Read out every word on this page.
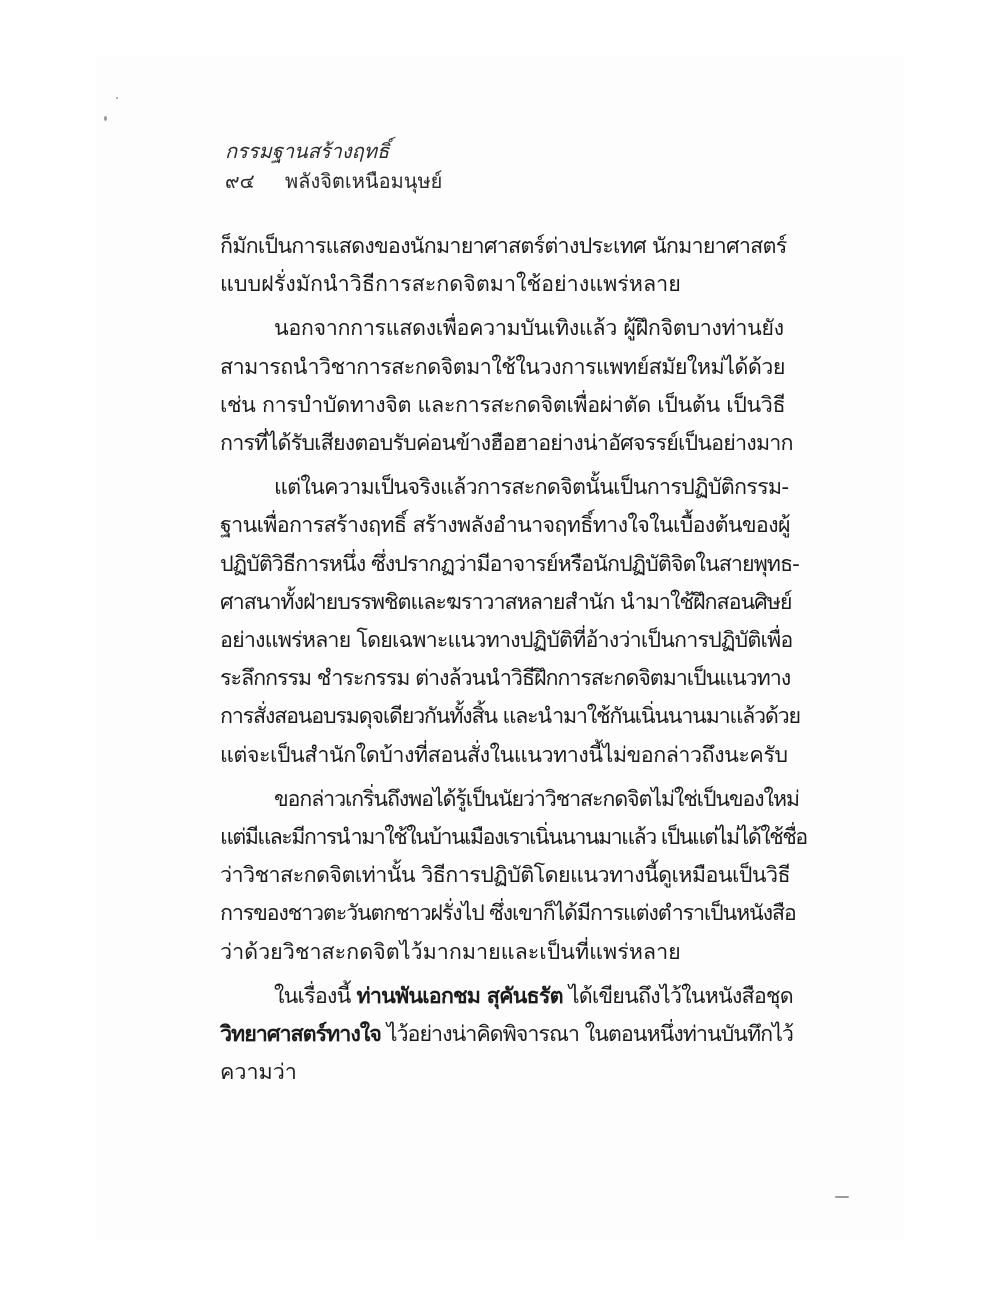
กรรมฐานสร้างฤทธิ์
๙๔ พลังจิตเหนือมนุษย์
ก็มักเป็นการแสดงของนักมายาศาสตร์ต่างประเทศ นักมายาศาสตร์
แบบฝรั่งมักนำวิธีการสะกดจิตมาใช้อย่างแพร่หลาย
นอกจากการแสดงเพื่อความบันเทิงแล้ว ผู้ฝึกจิตบางท่านยัง
สามารถนำวิชาการสะกดจิตมาใช้ในวงการแพทย์สมัยใหม่ได้ด้วย
เช่น การบำบัดทางจิต และการสะกดจิตเพื่อผ่าตัด เป็นต้น เป็นวิธี
การที่ได้รับเสียงตอบรับค่อนข้างฮือฮาอย่างน่าอัศจรรย์เป็นอย่างมาก
แต่ในความเป็นจริงแล้วการสะกดจิตนั้นเป็นการปฏิบัติกรรม-
ฐานเพื่อการสร้างฤทธิ์ สร้างพลังอำนาจฤทธิ์ทางใจในเบื้องต้นของผู้
ปฏิบัติวิธีการหนึ่ง ซึ่งปรากฏว่ามีอาจารย์หรือนักปฏิบัติจิตในสายพุทธ-
ศาสนาทั้งฝ่ายบรรพชิตและฆราวาสหลายสำนัก นำมาใช้ฝึกสอนศิษย์
อย่างแพร่หลาย โดยเฉพาะแนวทางปฏิบัติที่อ้างว่าเป็นการปฏิบัติเพื่อ
ระลึกกรรม ชำระกรรม ต่างล้วนนำวิธีฝึกการสะกดจิตมาเป็นแนวทาง
การสั่งสอนอบรมดุจเดียวกันทั้งสิ้น และนำมาใช้กันเนิ่นนานมาแล้วด้วย
แต่จะเป็นสำนักใดบ้างที่สอนสั่งในแนวทางนี้ไม่ขอกล่าวถึงนะครับ
ขอกล่าวเกริ่นถึงพอได้รู้เป็นนัยว่าวิชาสะกดจิตไม่ใช่เป็นของใหม่
แต่มีและมีการนำมาใช้ในบ้านเมืองเราเนิ่นนานมาแล้ว เป็นแต่ไม่ได้ใช้ชื่อ
ว่าวิชาสะกดจิตเท่านั้น วิธีการปฏิบัติโดยแนวทางนี้ดูเหมือนเป็นวิธี
การของชาวตะวันตกชาวฝรั่งไป ซึ่งเขาก็ได้มีการแต่งตำราเป็นหนังสือ
ว่าด้วยวิชาสะกดจิตไว้มากมายและเป็นที่แพร่หลาย
ในเรื่องนี้ ท่านพันเอกชม สุคันธรัต ได้เขียนถึงไว้ในหนังสือชุด
วิทยาศาสตร์ทางใจ ไว้อย่างน่าคิดพิจารณา ในตอนหนึ่งท่านบันทึกไว้
ความว่า
